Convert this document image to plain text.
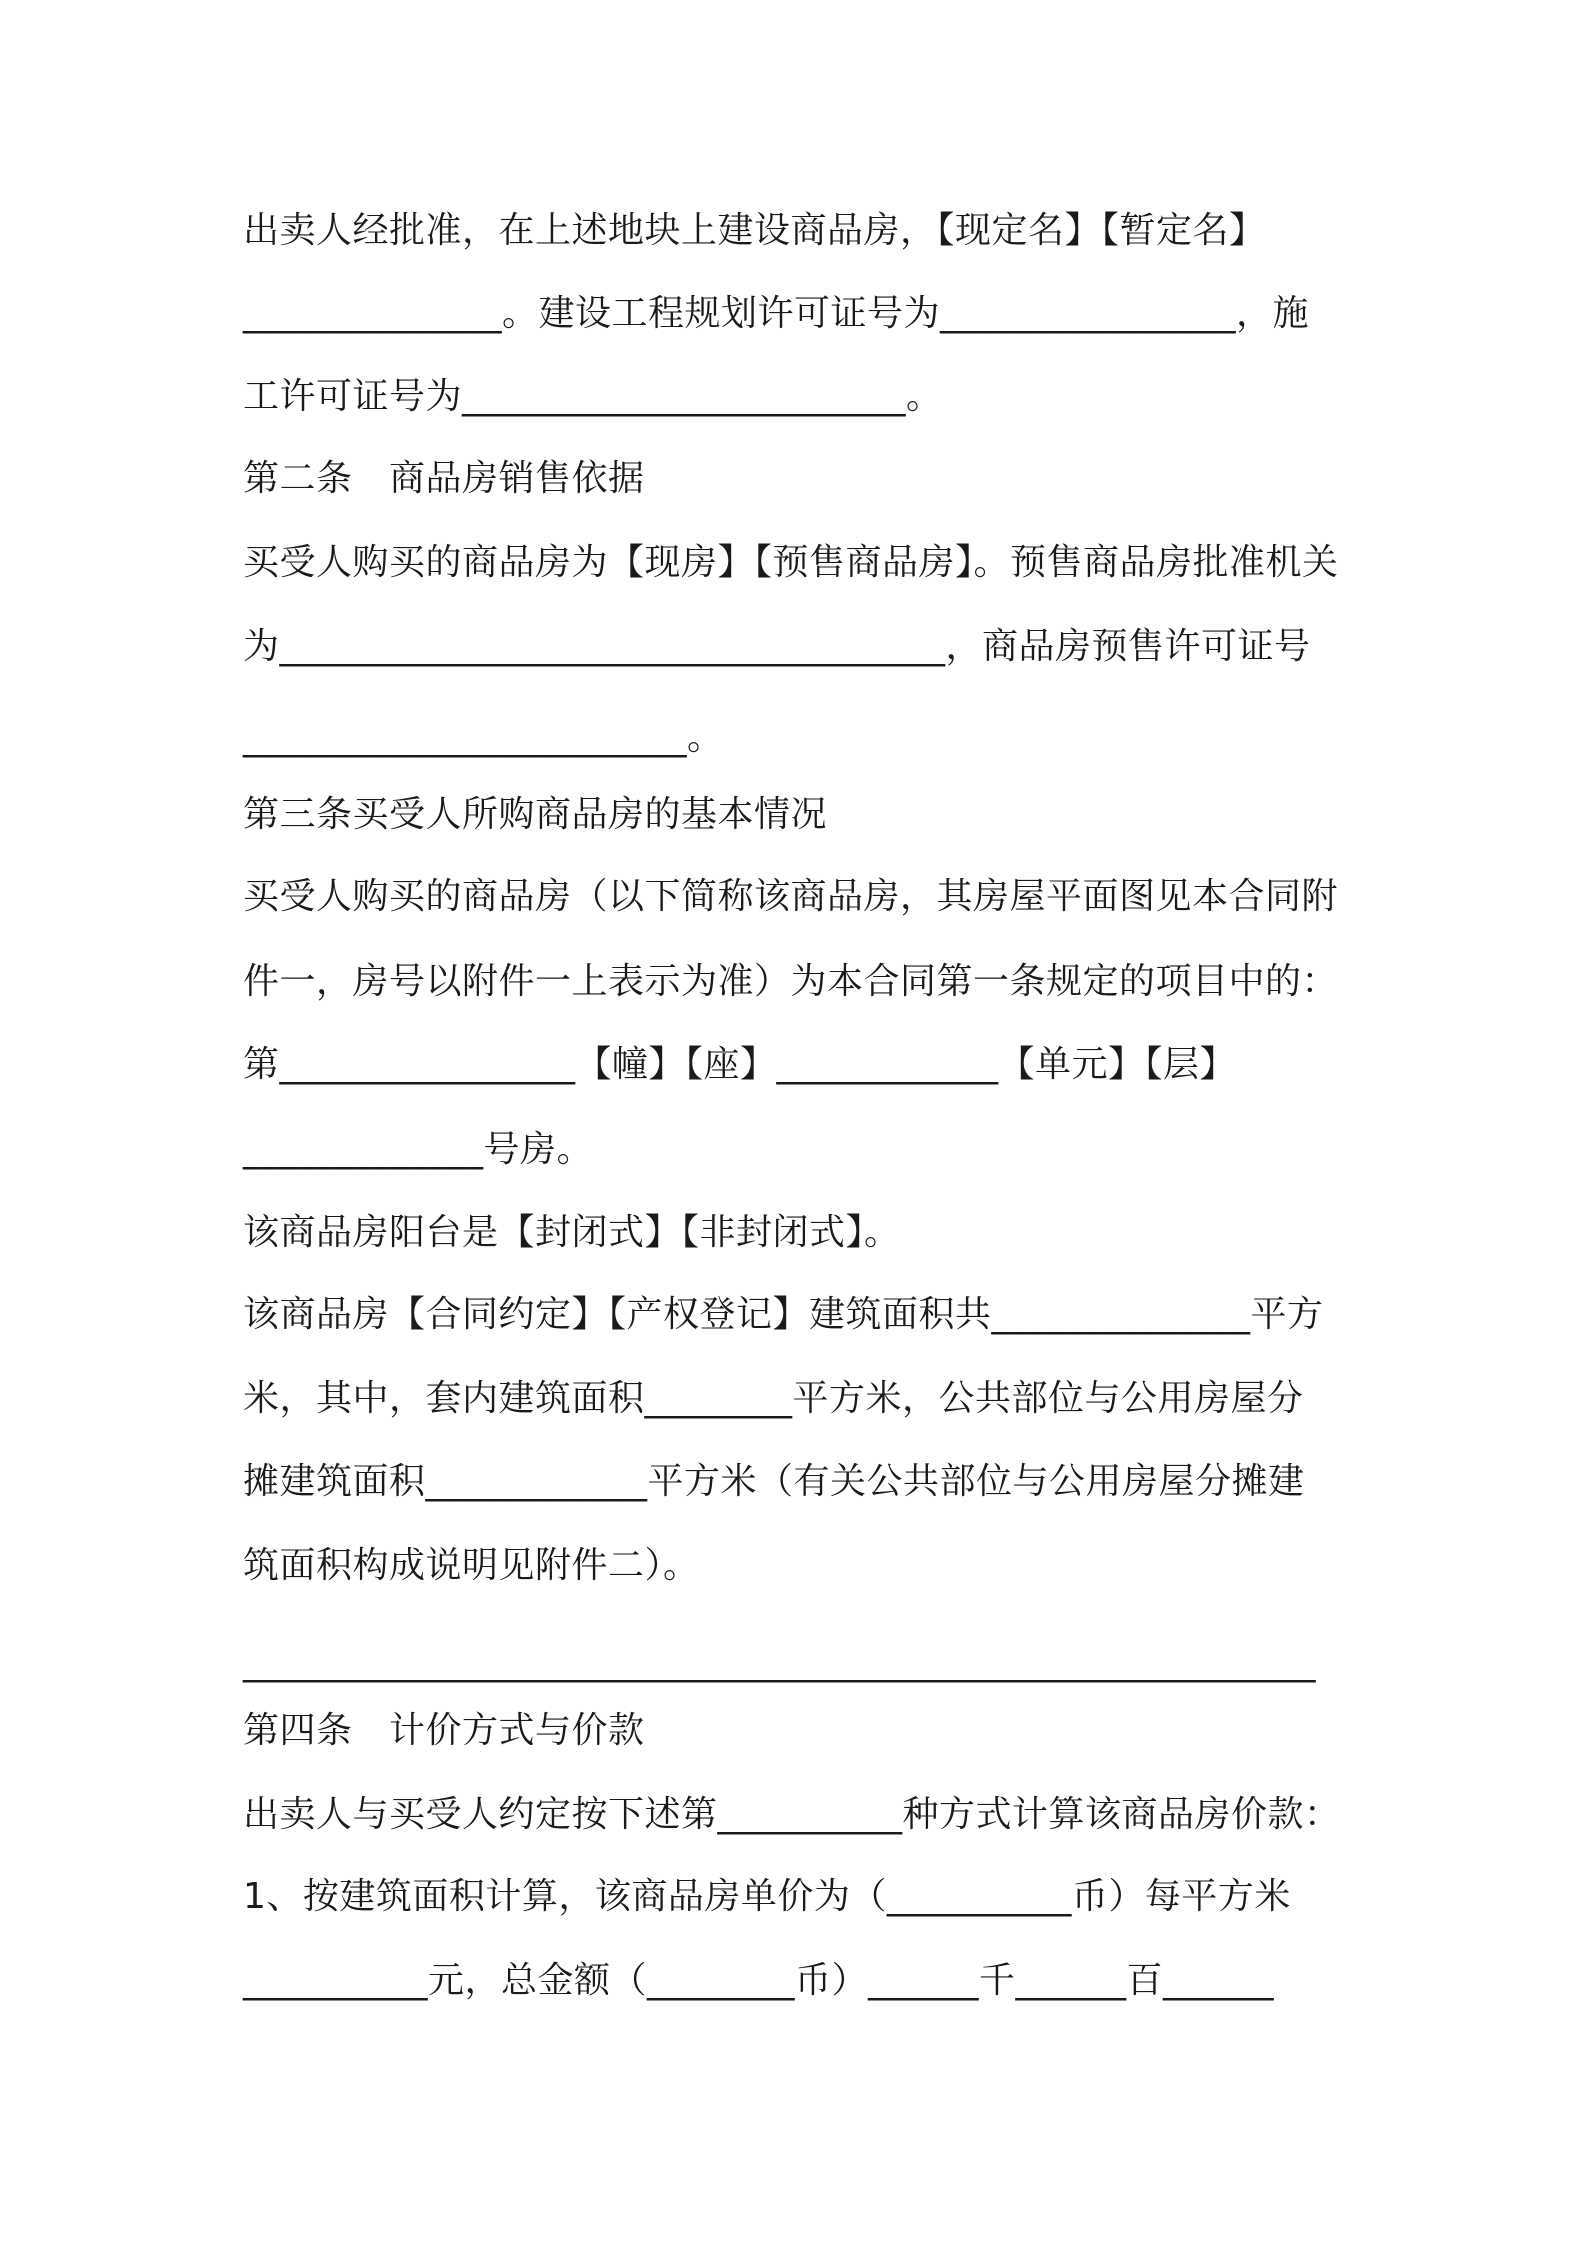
出卖人经批准，在上述地块上建设商品房，【现定名】【暂定名】
______________。建设工程规划许可证号为________________，施
工许可证号为________________________。
第二条　商品房销售依据
买受人购买的商品房为【现房】【预售商品房】。预售商品房批准机关
为____________________________________，商品房预售许可证号
________________________。
第三条买受人所购商品房的基本情况
买受人购买的商品房（以下简称该商品房，其房屋平面图见本合同附
件一，房号以附件一上表示为准）为本合同第一条规定的项目中的：
第________________【幢】【座】____________【单元】【层】
_____________号房。
该商品房阳台是【封闭式】【非封闭式】。
该商品房【合同约定】【产权登记】建筑面积共______________平方
米，其中，套内建筑面积________平方米，公共部位与公用房屋分
摊建筑面积____________平方米（有关公共部位与公用房屋分摊建
筑面积构成说明见附件二）。
__________________________________________________________
第四条　计价方式与价款
出卖人与买受人约定按下述第__________种方式计算该商品房价款：
1、按建筑面积计算，该商品房单价为（__________币）每平方米
__________元，总金额（________币）______千______百______
